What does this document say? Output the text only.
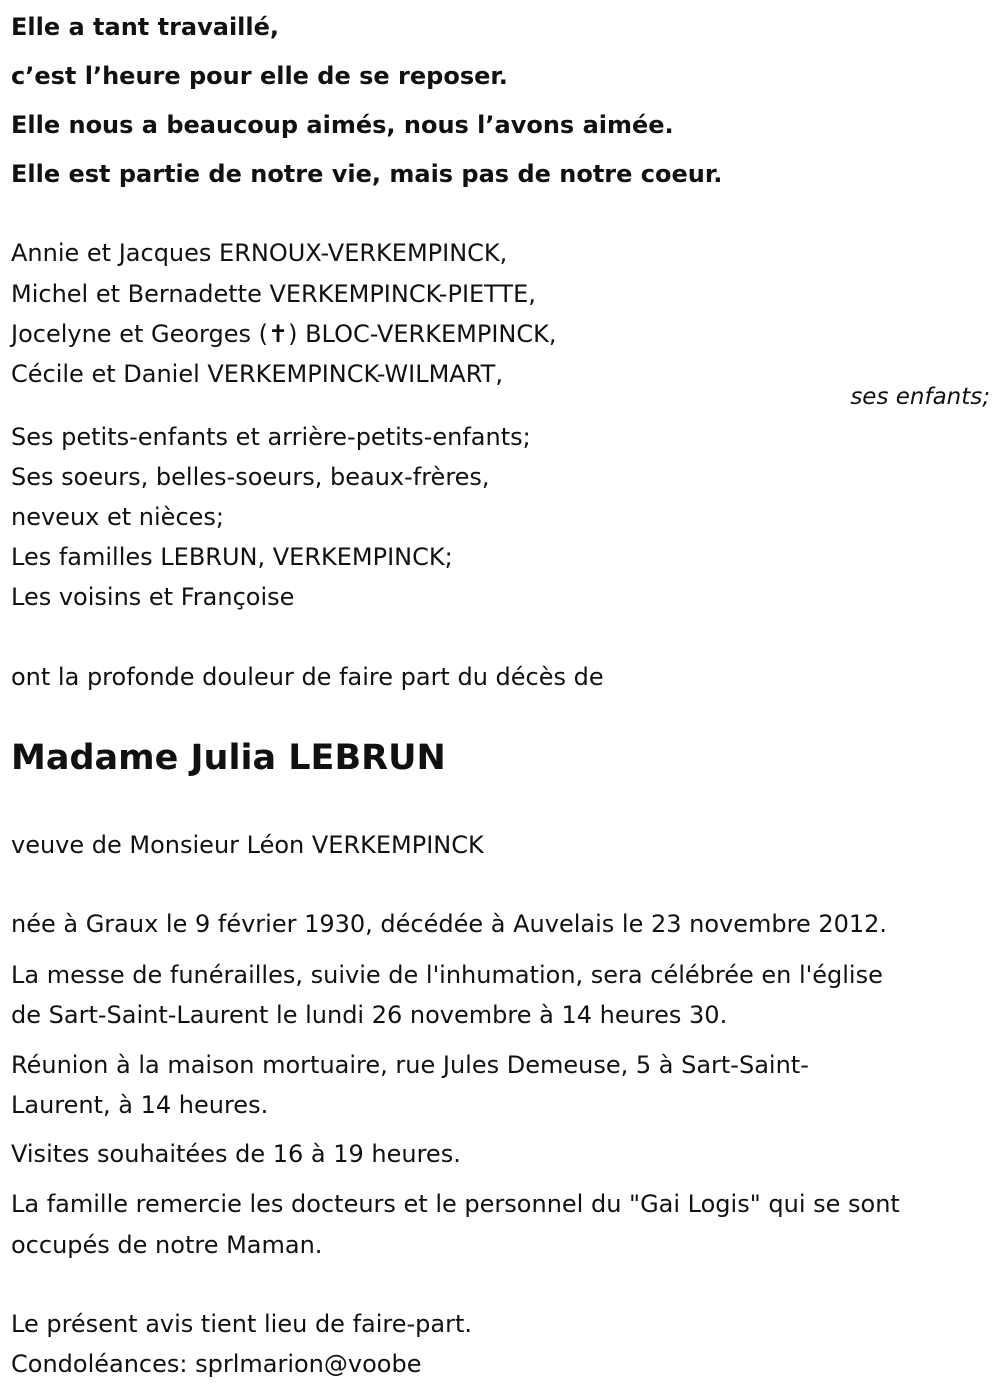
Elle a tant travaillé,
c’est l’heure pour elle de se reposer.
Elle nous a beaucoup aimés, nous l’avons aimée.
Elle est partie de notre vie, mais pas de notre coeur.
Annie et Jacques ERNOUX-VERKEMPINCK,
Michel et Bernadette VERKEMPINCK-PIETTE,
Jocelyne et Georges (✝) BLOC-VERKEMPINCK,
Cécile et Daniel VERKEMPINCK-WILMART,
ses enfants;
Ses petits-enfants et arrière-petits-enfants;
Ses soeurs, belles-soeurs, beaux-frères,
neveux et nièces;
Les familles LEBRUN, VERKEMPINCK;
Les voisins et Françoise
ont la profonde douleur de faire part du décès de
Madame Julia LEBRUN
veuve de Monsieur Léon VERKEMPINCK
née à Graux le 9 février 1930, décédée à Auvelais le 23 novembre 2012.
La messe de funérailles, suivie de l'inhumation, sera célébrée en l'église
de Sart-Saint-Laurent le lundi 26 novembre à 14 heures 30.
Réunion à la maison mortuaire, rue Jules Demeuse, 5 à Sart-Saint-
Laurent, à 14 heures.
Visites souhaitées de 16 à 19 heures.
La famille remercie les docteurs et le personnel du "Gai Logis" qui se sont
occupés de notre Maman.
Le présent avis tient lieu de faire-part.
Condoléances: sprlmarion@voobe
